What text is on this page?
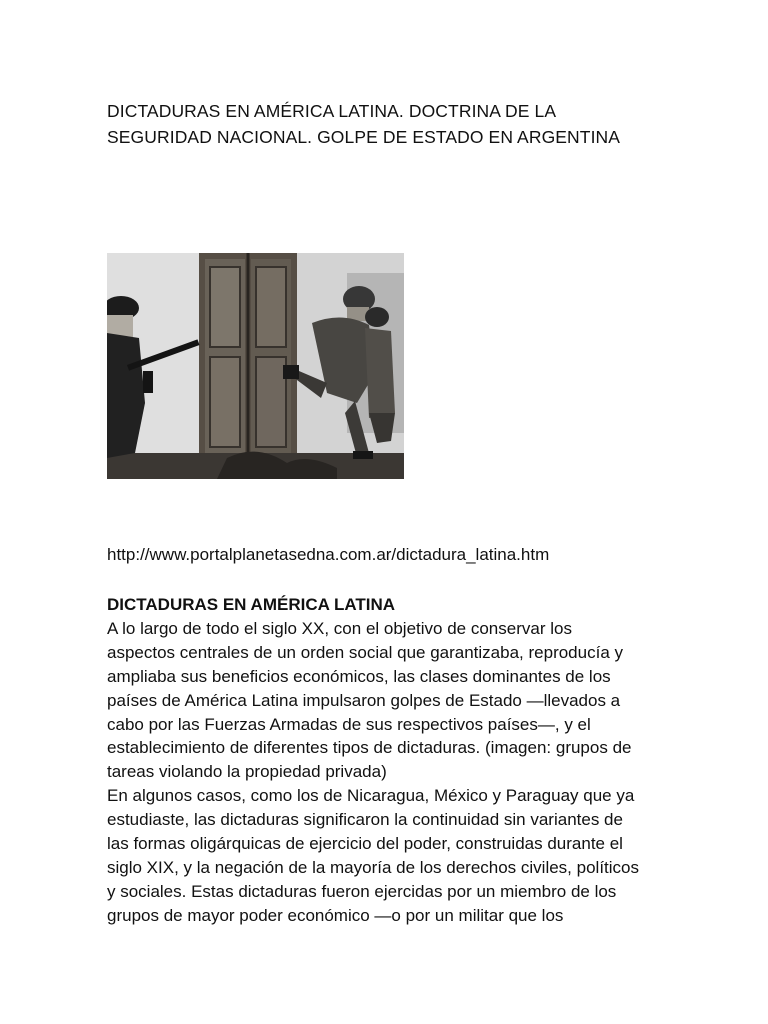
DICTADURAS EN AMÉRICA LATINA. DOCTRINA DE LA
SEGURIDAD NACIONAL. GOLPE DE ESTADO EN ARGENTINA
http://www.portalplanetasedna.com.ar/dictadura_latina.htm
DICTADURAS EN AMÉRICA LATINA
A lo largo de todo el siglo XX, con el objetivo de conservar los
aspectos centrales de un orden social que garantizaba, reproducía y
ampliaba sus beneficios económicos, las clases dominantes de los
países de América Latina impulsaron golpes de Estado —llevados a
cabo por las Fuerzas Armadas de sus respectivos países—, y el
establecimiento de diferentes tipos de dictaduras. (imagen: grupos de
tareas violando la propiedad privada)
En algunos casos, como los de Nicaragua, México y Paraguay que ya
estudiaste, las dictaduras significaron la continuidad sin variantes de
las formas oligárquicas de ejercicio del poder, construidas durante el
siglo XIX, y la negación de la mayoría de los derechos civiles, políticos
y sociales. Estas dictaduras fueron ejercidas por un miembro de los
grupos de mayor poder económico —o por un militar que los
